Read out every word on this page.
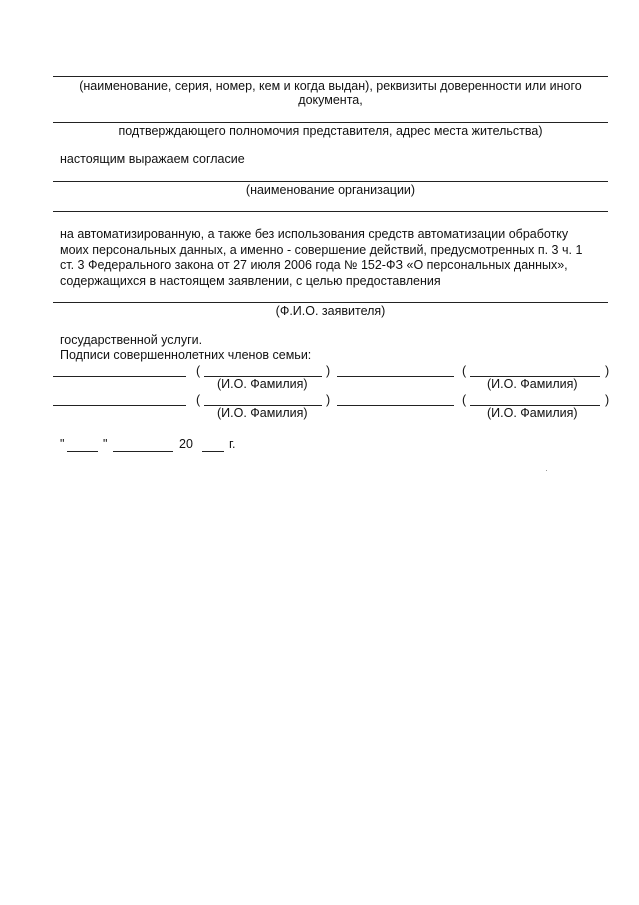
(наименование, серия, номер, кем и когда выдан), реквизиты доверенности или иного
документа,
подтверждающего полномочия представителя, адрес места жительства)
настоящим выражаем согласие
(наименование организации)
на автоматизированную, а также без использования средств автоматизации обработку
моих персональных данных, а именно - совершение действий, предусмотренных п. 3 ч. 1
ст. 3 Федерального закона от 27 июля 2006 года № 152-ФЗ «О персональных данных»,
содержащихся в настоящем заявлении, с целью предоставления
(Ф.И.О. заявителя)
государственной услуги.
Подписи совершеннолетних членов семьи:
(	)	(	)
(И.О. Фамилия)	(И.О. Фамилия)
(	)	(	)
(И.О. Фамилия)	(И.О. Фамилия)
"	"	20	г.
